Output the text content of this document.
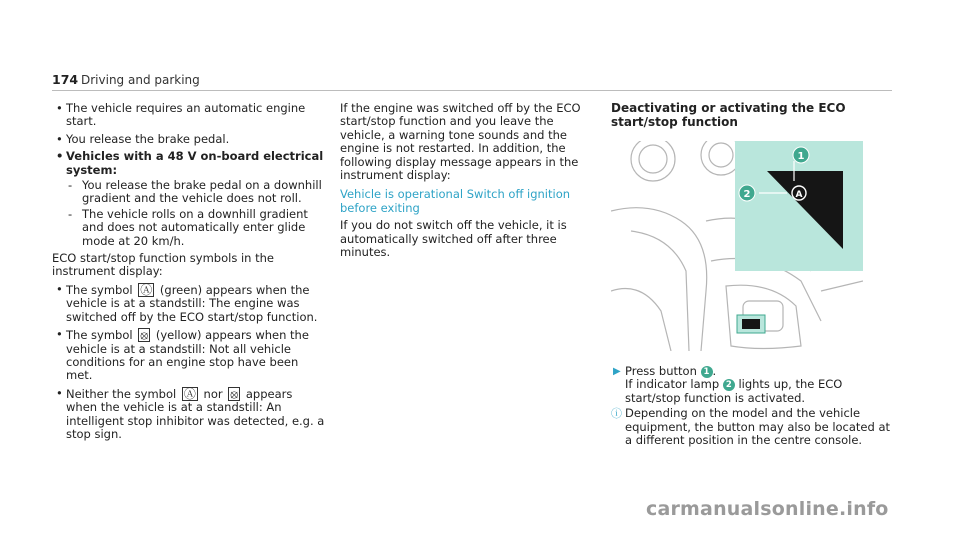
174 Driving and parking

• The vehicle requires an automatic engine start.

• You release the brake pedal.

• Vehicles with a 48 V on-board electrical system:

- You release the brake pedal on a downhill gradient and the vehicle does not roll.

- The vehicle rolls on a downhill gradient and does not automatically enter glide mode at 20 km/h.

ECO start/stop function symbols in the instrument display:

• The symbol Ⓐ (green) appears when the vehicle is at a standstill: The engine was switched off by the ECO start/stop function.

• The symbol ⦻ (yellow) appears when the vehicle is at a standstill: Not all vehicle conditions for an engine stop have been met.

• Neither the symbol Ⓐ nor ⦻ appears when the vehicle is at a standstill: An intelligent stop inhibitor was detected, e.g. a stop sign.

If the engine was switched off by the ECO start/stop function and you leave the vehicle, a warning tone sounds and the engine is not restarted. In addition, the following display message appears in the instrument display:

Vehicle is operational Switch off ignition before exiting

If you do not switch off the vehicle, it is automatically switched off after three minutes.

Deactivating or activating the ECO start/stop function
A
1
2

▶ Press button 1 .
If indicator lamp 2 lights up, the ECO start/stop function is activated.

ⓘ Depending on the model and the vehicle equipment, the button may also be located at a different position in the centre console.

carmanualsonline.info
